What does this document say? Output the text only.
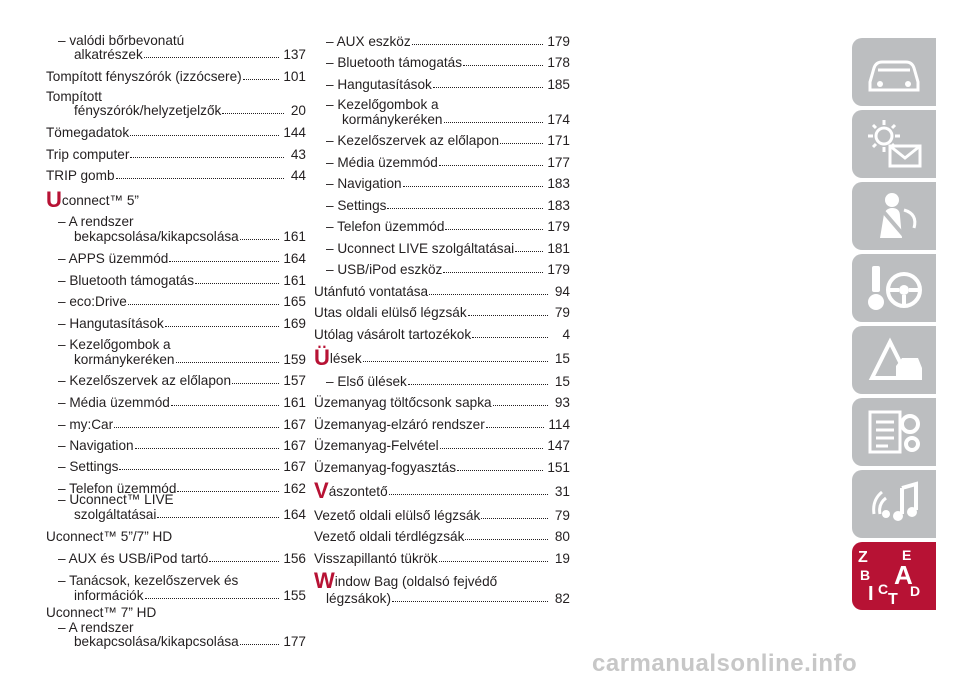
– valódi bőrbevonatú
alkatrészek	137
Tompított fényszórók (izzócsere)	101
Tompított
fényszórók/helyzetjelzők	20
Tömegadatok	144
Trip computer	43
TRIP gomb	44
U connect™ 5”
– A rendszer
bekapcsolása/kikapcsolása	161
– APPS üzemmód	164
– Bluetooth támogatás	161
– eco:Drive	165
– Hangutasítások	169
– Kezelőgombok a
kormánykeréken	159
– Kezelőszervek az előlapon	157
– Média üzemmód	161
– my:Car	167
– Navigation	167
– Settings	167
– Telefon üzemmód	162
– Uconnect™ LIVE
szolgáltatásai	164
Uconnect™ 5”/7” HD
– AUX és USB/iPod tartó	156
– Tanácsok, kezelőszervek és
információk	155
Uconnect™ 7” HD
– A rendszer
bekapcsolása/kikapcsolása	177
– AUX eszköz	179
– Bluetooth támogatás	178
– Hangutasítások	185
– Kezelőgombok a
kormánykeréken	174
– Kezelőszervek az előlapon	171
– Média üzemmód	177
– Navigation	183
– Settings	183
– Telefon üzemmód	179
– Uconnect LIVE szolgáltatásai 181
– USB/iPod eszköz	179
Utánfutó vontatása	94
Utas oldali elülső légzsák	79
Utólag vásárolt tartozékok	4
Ü lések	15
– Első ülések	15
Üzemanyag töltőcsonk sapka	93
Üzemanyag-elzáró rendszer	114
Üzemanyag-Felvétel	147
Üzemanyag-fogyasztás	151
V ászontető	31
Vezető oldali elülső légzsák	79
Vezető oldali térdlégzsák	80
Visszapillantó tükrök	19
W indow Bag (oldalsó fejvédő
légzsákok)	82
Z E
B A
I C
T D
carmanualsonline.info
